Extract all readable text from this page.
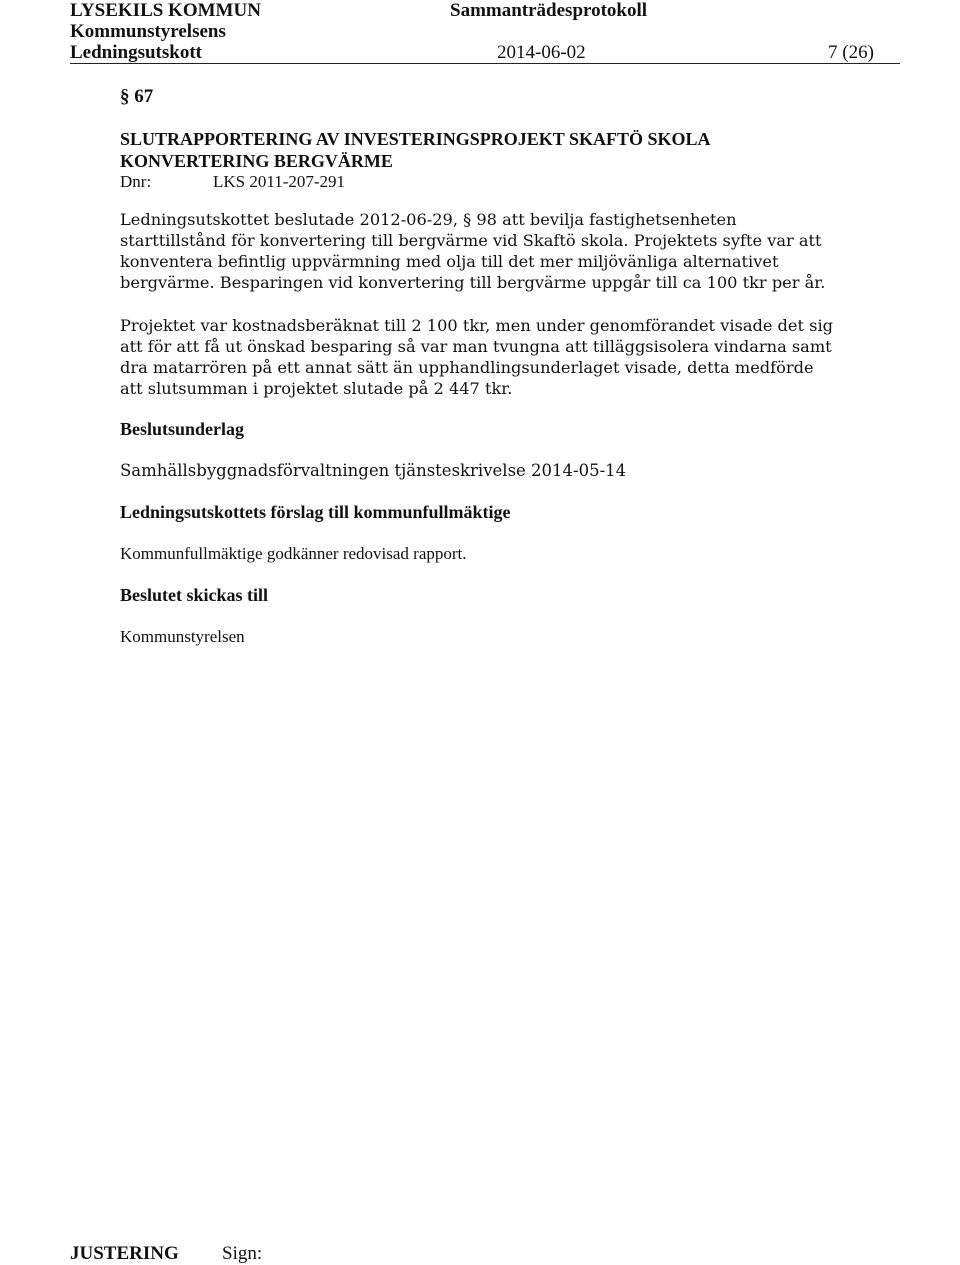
LYSEKILS KOMMUN	Sammanträdesprotokoll
Kommunstyrelsens
Ledningsutskott	2014-06-02	7 (26)
§ 67
SLUTRAPPORTERING AV INVESTERINGSPROJEKT SKAFTÖ SKOLA
KONVERTERING BERGVÄRME
Dnr:	LKS 2011-207-291
Ledningsutskottet beslutade 2012-06-29, § 98 att bevilja fastighetsenheten
starttillstånd för konvertering till bergvärme vid Skaftö skola. Projektets syfte var att
konventera befintlig uppvärmning med olja till det mer miljövänliga alternativet
bergvärme. Besparingen vid konvertering till bergvärme uppgår till ca 100 tkr per år.
Projektet var kostnadsberäknat till 2 100 tkr, men under genomförandet visade det sig
att för att få ut önskad besparing så var man tvungna att tilläggsisolera vindarna samt
dra matarrören på ett annat sätt än upphandlingsunderlaget visade, detta medförde
att slutsumman i projektet slutade på 2 447 tkr.
Beslutsunderlag
Samhällsbyggnadsförvaltningen tjänsteskrivelse 2014-05-14
Ledningsutskottets förslag till kommunfullmäktige
Kommunfullmäktige godkänner redovisad rapport.
Beslutet skickas till
Kommunstyrelsen
JUSTERING Sign:
